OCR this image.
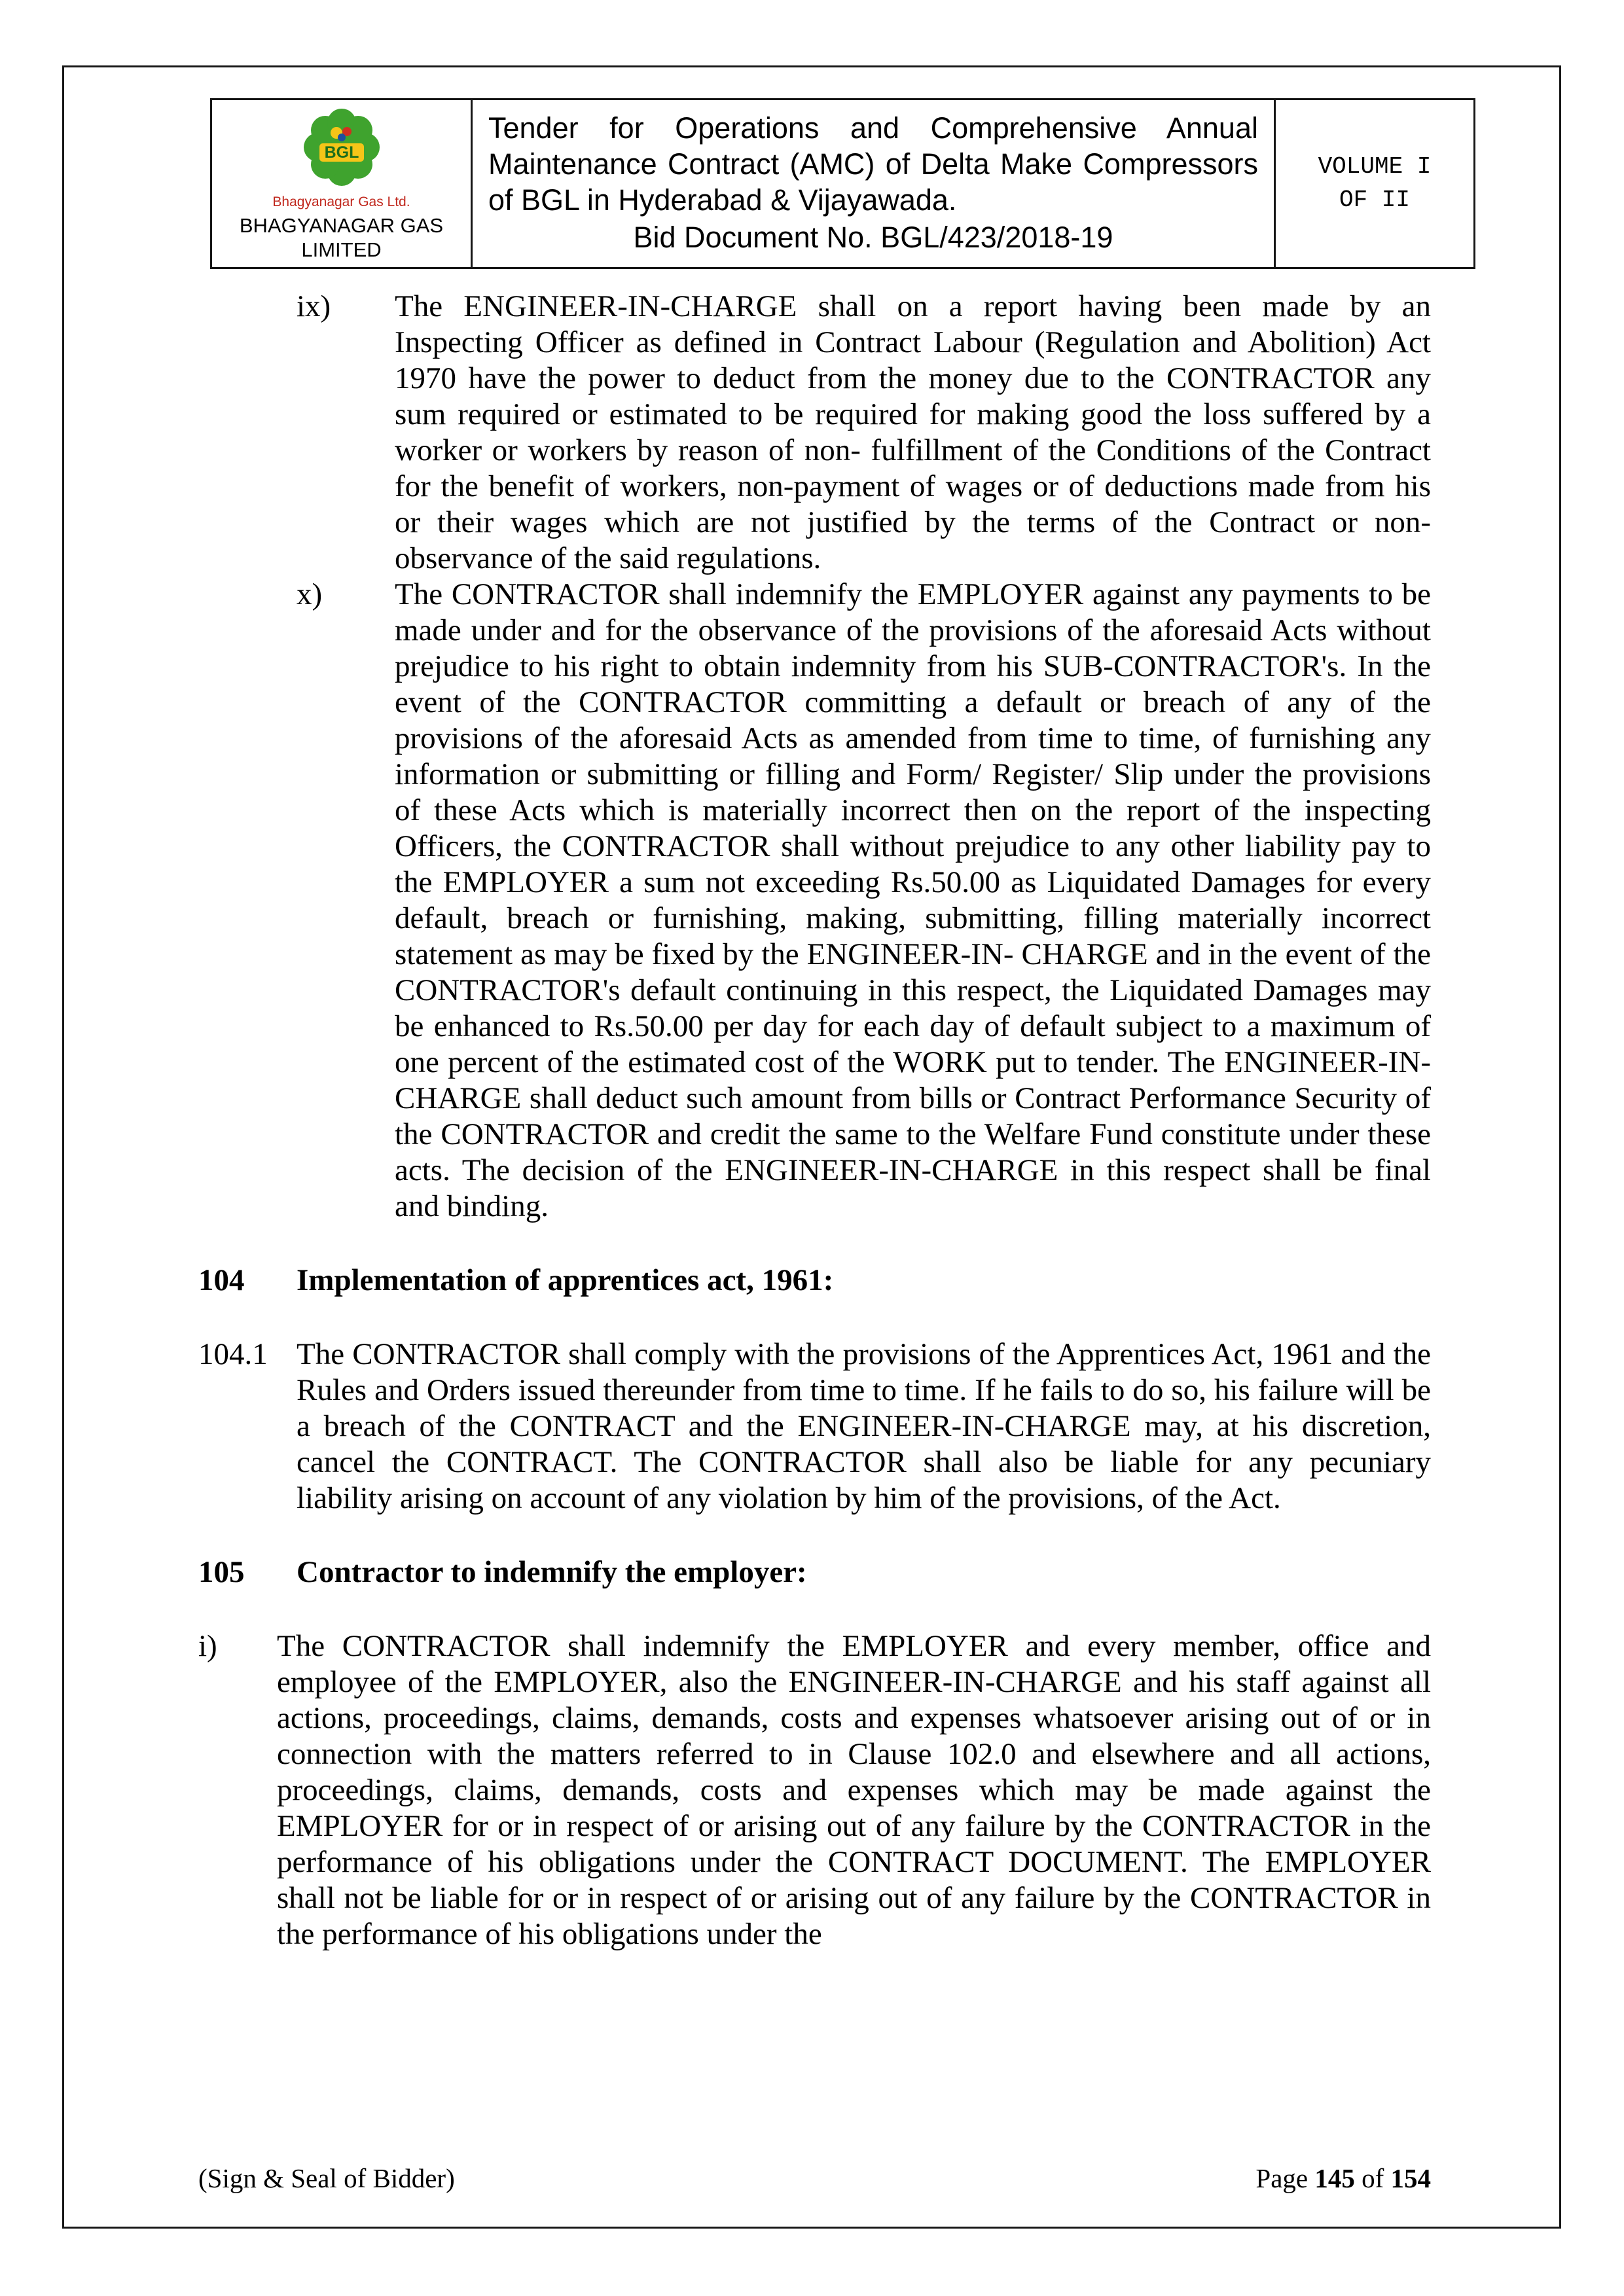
BGL
Bhagyanagar Gas Ltd.
BHAGYANAGAR GAS LIMITED
Tender for Operations and Comprehensive Annual Maintenance Contract (AMC) of Delta Make Compressors of BGL in Hyderabad & Vijayawada.
Bid Document No. BGL/423/2018-19
VOLUME I
OF II
ix)	The ENGINEER-IN-CHARGE shall on a report having been made by an Inspecting Officer as defined in Contract Labour (Regulation and Abolition) Act 1970 have the power to deduct from the money due to the CONTRACTOR any sum required or estimated to be required for making good the loss suffered by a worker or workers by reason of non- fulfillment of the Conditions of the Contract for the benefit of workers, non-payment of wages or of deductions made from his or their wages which are not justified by the terms of the Contract or non-observance of the said regulations.
x)	The CONTRACTOR shall indemnify the EMPLOYER against any payments to be made under and for the observance of the provisions of the aforesaid Acts without prejudice to his right to obtain indemnity from his SUB-CONTRACTOR's. In the event of the CONTRACTOR committing a default or breach of any of the provisions of the aforesaid Acts as amended from time to time, of furnishing any information or submitting or filling and Form/ Register/ Slip under the provisions of these Acts which is materially incorrect then on the report of the inspecting Officers, the CONTRACTOR shall without prejudice to any other liability pay to the EMPLOYER a sum not exceeding Rs.50.00 as Liquidated Damages for every default, breach or furnishing, making, submitting, filling materially incorrect statement as may be fixed by the ENGINEER-IN- CHARGE and in the event of the CONTRACTOR's default continuing in this respect, the Liquidated Damages may be enhanced to Rs.50.00 per day for each day of default subject to a maximum of one percent of the estimated cost of the WORK put to tender. The ENGINEER-IN-CHARGE shall deduct such amount from bills or Contract Performance Security of the CONTRACTOR and credit the same to the Welfare Fund constitute under these acts. The decision of the ENGINEER-IN-CHARGE in this respect shall be final and binding.
104	Implementation of apprentices act, 1961:
104.1 The CONTRACTOR shall comply with the provisions of the Apprentices Act, 1961 and the Rules and Orders issued thereunder from time to time. If he fails to do so, his failure will be a breach of the CONTRACT and the ENGINEER-IN-CHARGE may, at his discretion, cancel the CONTRACT. The CONTRACTOR shall also be liable for any pecuniary liability arising on account of any violation by him of the provisions, of the Act.
105	Contractor to indemnify the employer:
i)	The CONTRACTOR shall indemnify the EMPLOYER and every member, office and employee of the EMPLOYER, also the ENGINEER-IN-CHARGE and his staff against all actions, proceedings, claims, demands, costs and expenses whatsoever arising out of or in connection with the matters referred to in Clause 102.0 and elsewhere and all actions, proceedings, claims, demands, costs and expenses which may be made against the EMPLOYER for or in respect of or arising out of any failure by the CONTRACTOR in the performance of his obligations under the CONTRACT DOCUMENT. The EMPLOYER shall not be liable for or in respect of or arising out of any failure by the CONTRACTOR in the performance of his obligations under the
(Sign & Seal of Bidder)	Page 145 of 154
